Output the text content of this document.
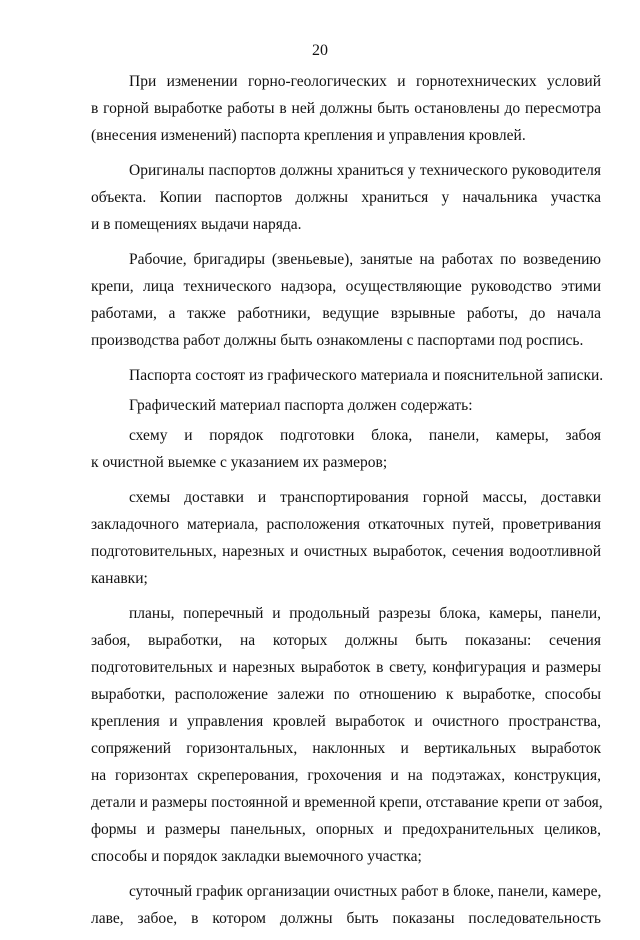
20
При изменении горно-геологических и горнотехнических условий
в горной выработке работы в ней должны быть остановлены до пересмотра
(внесения изменений) паспорта крепления и управления кровлей.
Оригиналы паспортов должны храниться у технического руководителя
объекта. Копии паспортов должны храниться у начальника участка
и в помещениях выдачи наряда.
Рабочие, бригадиры (звеньевые), занятые на работах по возведению
крепи, лица технического надзора, осуществляющие руководство этими
работами, а также работники, ведущие взрывные работы, до начала
производства работ должны быть ознакомлены с паспортами под роспись.
Паспорта состоят из графического материала и пояснительной записки.
Графический материал паспорта должен содержать:
схему и порядок подготовки блока, панели, камеры, забоя
к очистной выемке с указанием их размеров;
схемы доставки и транспортирования горной массы, доставки
закладочного материала, расположения откаточных путей, проветривания
подготовительных, нарезных и очистных выработок, сечения водоотливной
канавки;
планы, поперечный и продольный разрезы блока, камеры, панели,
забоя, выработки, на которых должны быть показаны: сечения
подготовительных и нарезных выработок в свету, конфигурация и размеры
выработки, расположение залежи по отношению к выработке, способы
крепления и управления кровлей выработок и очистного пространства,
сопряжений горизонтальных, наклонных и вертикальных выработок
на горизонтах скреперования, грохочения и на подэтажах, конструкция,
детали и размеры постоянной и временной крепи, отставание крепи от забоя,
формы и размеры панельных, опорных и предохранительных целиков,
способы и порядок закладки выемочного участка;
суточный график организации очистных работ в блоке, панели, камере,
лаве, забое, в котором должны быть показаны последовательность
